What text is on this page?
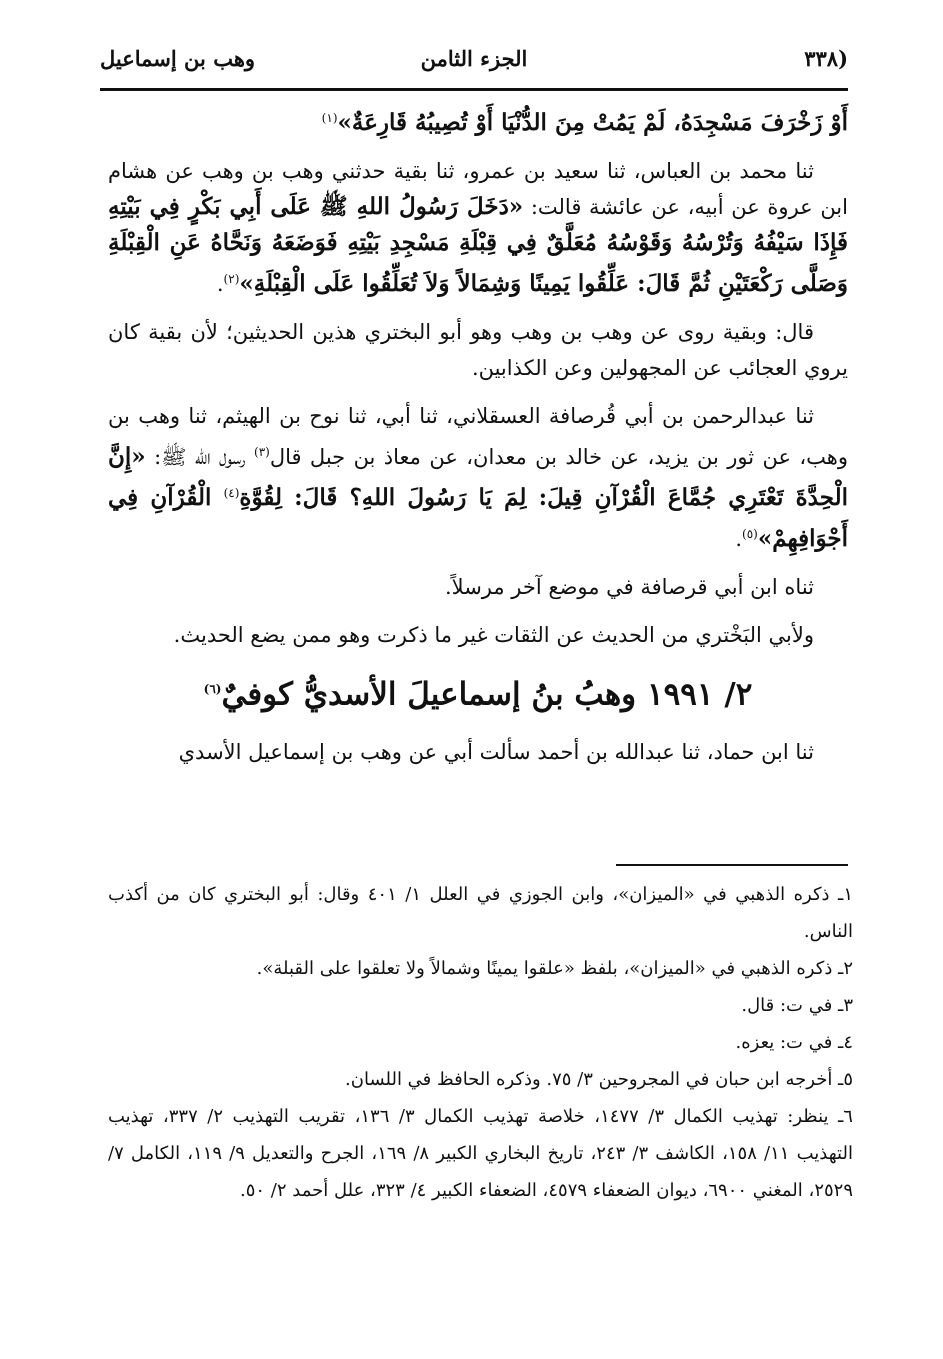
(٣٣٨
الجزء الثامن
وهب بن إسماعيل

أَوْ زَخْرَفَ مَسْجِدَهُ، لَمْ يَمُتْ مِنَ الدُّنْيَا أَوْ تُصِيبُهُ قَارِعَةٌ»$^{(١)}$

ثنا محمد بن العباس، ثنا سعيد بن عمرو، ثنا بقية حدثني وهب بن وهب عن هشام ابن عروة عن أبيه، عن عائشة قالت: «دَخَلَ رَسُولُ اللهِ ﷺ عَلَى أَبِي بَكْرٍ فِي بَيْتِهِ فَإِذَا سَيْفُهُ وَتُرْسُهُ وَقَوْسُهُ مُعَلَّقٌ فِي قِبْلَةِ مَسْجِدِ بَيْتِهِ فَوَضَعَهُ وَنَحَّاهُ عَنِ الْقِبْلَةِ وَصَلَّى رَكْعَتَيْنِ ثُمَّ قَالَ: عَلِّقُوا يَمِينًا وَشِمَالاً وَلاَ تُعَلِّقُوا عَلَى الْقِبْلَةِ»$^{(٢)}$.

قال: وبقية روى عن وهب بن وهب وهو أبو البختري هذين الحديثين؛ لأن بقية كان يروي العجائب عن المجهولين وعن الكذابين.

ثنا عبدالرحمن بن أبي قُرصافة العسقلاني، ثنا أبي، ثنا نوح بن الهيثم، ثنا وهب بن وهب، عن ثور بن يزيد، عن خالد بن معدان، عن معاذ بن جبل قال$^{(٣)}$ رسول الله ﷺ: «إِنَّ الْحِدَّةَ تَعْتَرِي جُمَّاعَ الْقُرْآنِ قِيلَ: لِمَ يَا رَسُولَ اللهِ؟ قَالَ: لِقُوَّةِ$^{(٤)}$ الْقُرْآنِ فِي أَجْوَافِهِمْ»$^{(٥)}$.

ثناه ابن أبي قرصافة في موضع آخر مرسلاً.

ولأبي البَخْتري من الحديث عن الثقات غير ما ذكرت وهو ممن يضع الحديث.

٢/ ١٩٩١ وهبُ بنُ إسماعيلَ الأسديُّ كوفيٌ$^{(٦)}$

ثنا ابن حماد، ثنا عبدالله بن أحمد سألت أبي عن وهب بن إسماعيل الأسدي

١ـ ذكره الذهبي في «الميزان»، وابن الجوزي في العلل ١/ ٤٠١ وقال: أبو البختري كان من أكذب الناس.

٢ـ ذكره الذهبي في «الميزان»، بلفظ «علقوا يمينًا وشمالاً ولا تعلقوا على القبلة».

٣ـ في ت: قال.

٤ـ في ت: يعزه.

٥ـ أخرجه ابن حبان في المجروحين ٣/ ٧٥. وذكره الحافظ في اللسان.

٦ـ ينظر: تهذيب الكمال ٣/ ١٤٧٧، خلاصة تهذيب الكمال ٣/ ١٣٦، تقريب التهذيب ٢/ ٣٣٧، تهذيب التهذيب ١١/ ١٥٨، الكاشف ٣/ ٢٤٣، تاريخ البخاري الكبير ٨/ ١٦٩، الجرح والتعديل ٩/ ١١٩، الكامل ٧/ ٢٥٢٩، المغني ٦٩٠٠، ديوان الضعفاء ٤٥٧٩، الضعفاء الكبير ٤/ ٣٢٣، علل أحمد ٢/ ٥٠.
